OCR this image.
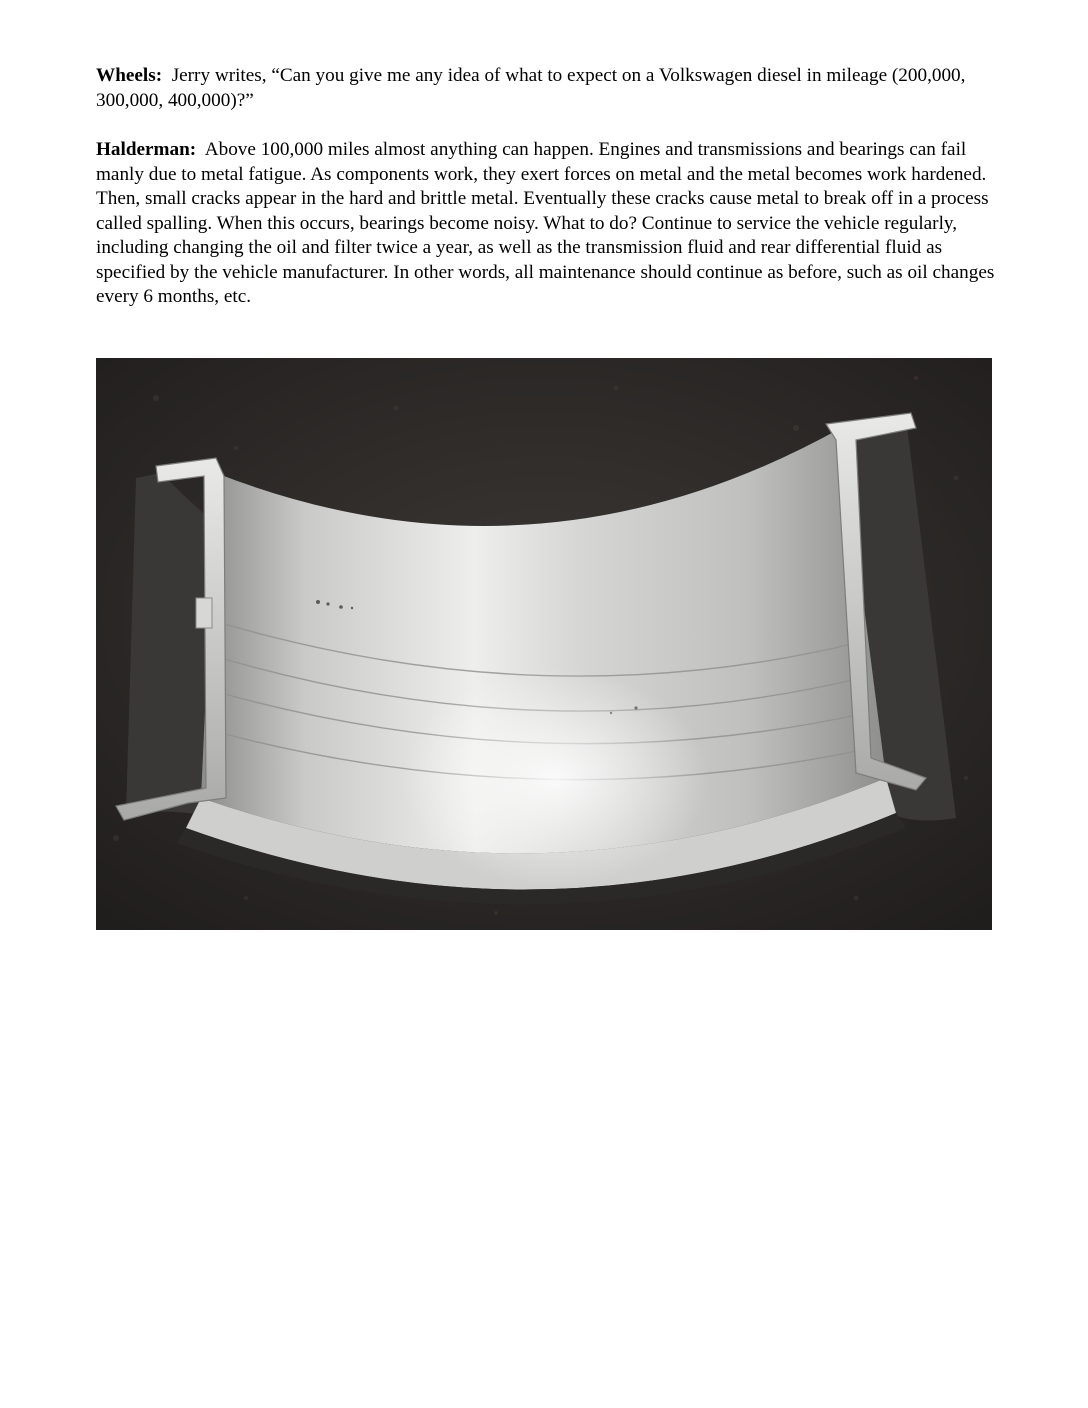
Wheels: Jerry writes, “Can you give me any idea of what to expect on a Volkswagen diesel in mileage (200,000, 300,000, 400,000)?”

Halderman: Above 100,000 miles almost anything can happen. Engines and transmissions and bearings can fail manly due to metal fatigue. As components work, they exert forces on metal and the metal becomes work hardened. Then, small cracks appear in the hard and brittle metal. Eventually these cracks cause metal to break off in a process called spalling. When this occurs, bearings become noisy. What to do? Continue to service the vehicle regularly, including changing the oil and filter twice a year, as well as the transmission fluid and rear differential fluid as specified by the vehicle manufacturer. In other words, all maintenance should continue as before, such as oil changes every 6 months, etc.
